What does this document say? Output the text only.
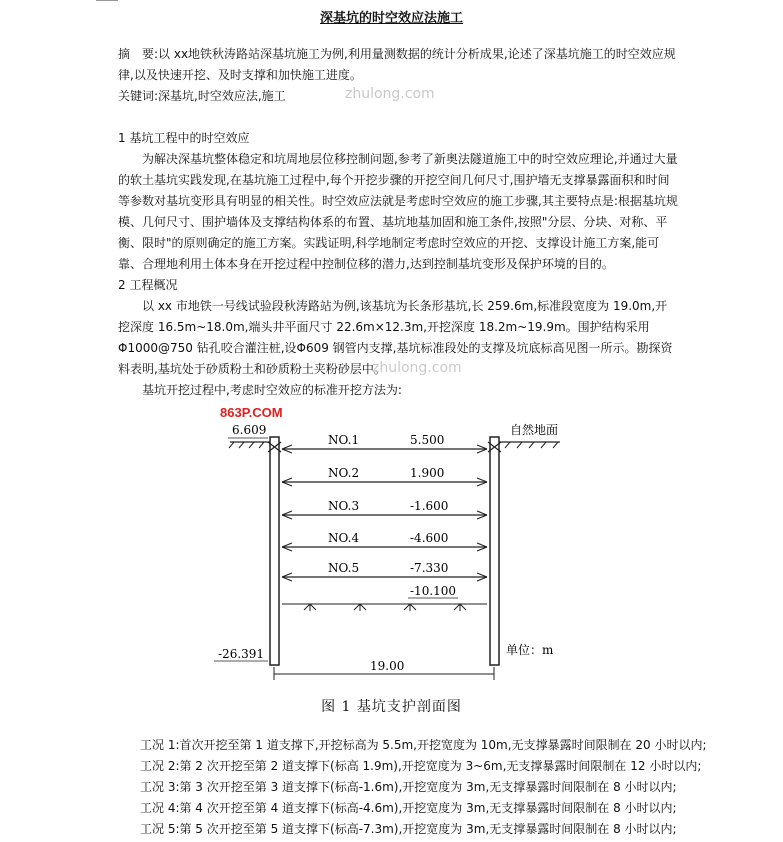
深基坑的时空效应法施工
摘　要:以 xx地铁秋涛路站深基坑施工为例,利用量测数据的统计分析成果,论述了深基坑施工的时空效应规律,以及快速开挖、及时支撑和加快施工进度。
关键词:深基坑,时空效应法,施工
1 基坑工程中的时空效应
为解决深基坑整体稳定和坑周地层位移控制问题,参考了新奥法隧道施工中的时空效应理论,并通过大量的软土基坑实践发现,在基坑施工过程中,每个开挖步骤的开挖空间几何尺寸,围护墙无支撑暴露面积和时间等参数对基坑变形具有明显的相关性。时空效应法就是考虑时空效应的施工步骤,其主要特点是:根据基坑规模、几何尺寸、围护墙体及支撑结构体系的布置、基坑地基加固和施工条件,按照"分层、分块、对称、平衡、限时"的原则确定的施工方案。实践证明,科学地制定考虑时空效应的开挖、支撑设计施工方案,能可靠、合理地利用土体本身在开挖过程中控制位移的潜力,达到控制基坑变形及保护环境的目的。
2 工程概况
以 xx 市地铁一号线试验段秋涛路站为例,该基坑为长条形基坑,长 259.6m,标准段宽度为 19.0m,开挖深度 16.5m~18.0m,端头井平面尺寸 22.6m×12.3m,开挖深度 18.2m~19.9m。围护结构采用Φ1000@750 钻孔咬合灌注桩,设Φ609 钢管内支撑,基坑标准段处的支撑及坑底标高见图一所示。勘探资料表明,基坑处于砂质粉土和砂质粉土夹粉砂层中。
基坑开挖过程中,考虑时空效应的标准开挖方法为:
zhulong.com
zhulong.com
863P.COM
6.609	自然地面
NO.1	5.500
NO.2	1.900
NO.3	-1.600
NO.4	-4.600
NO.5	-7.330
-10.100
-26.391	单位：m
19.00
图 1 基坑支护剖面图
工况 1:首次开挖至第 1 道支撑下,开挖标高为 5.5m,开挖宽度为 10m,无支撑暴露时间限制在 20 小时以内;
工况 2:第 2 次开挖至第 2 道支撑下(标高 1.9m),开挖宽度为 3~6m,无支撑暴露时间限制在 12 小时以内;
工况 3:第 3 次开挖至第 3 道支撑下(标高-1.6m),开挖宽度为 3m,无支撑暴露时间限制在 8 小时以内;
工况 4:第 4 次开挖至第 4 道支撑下(标高-4.6m),开挖宽度为 3m,无支撑暴露时间限制在 8 小时以内;
工况 5:第 5 次开挖至第 5 道支撑下(标高-7.3m),开挖宽度为 3m,无支撑暴露时间限制在 8 小时以内;
